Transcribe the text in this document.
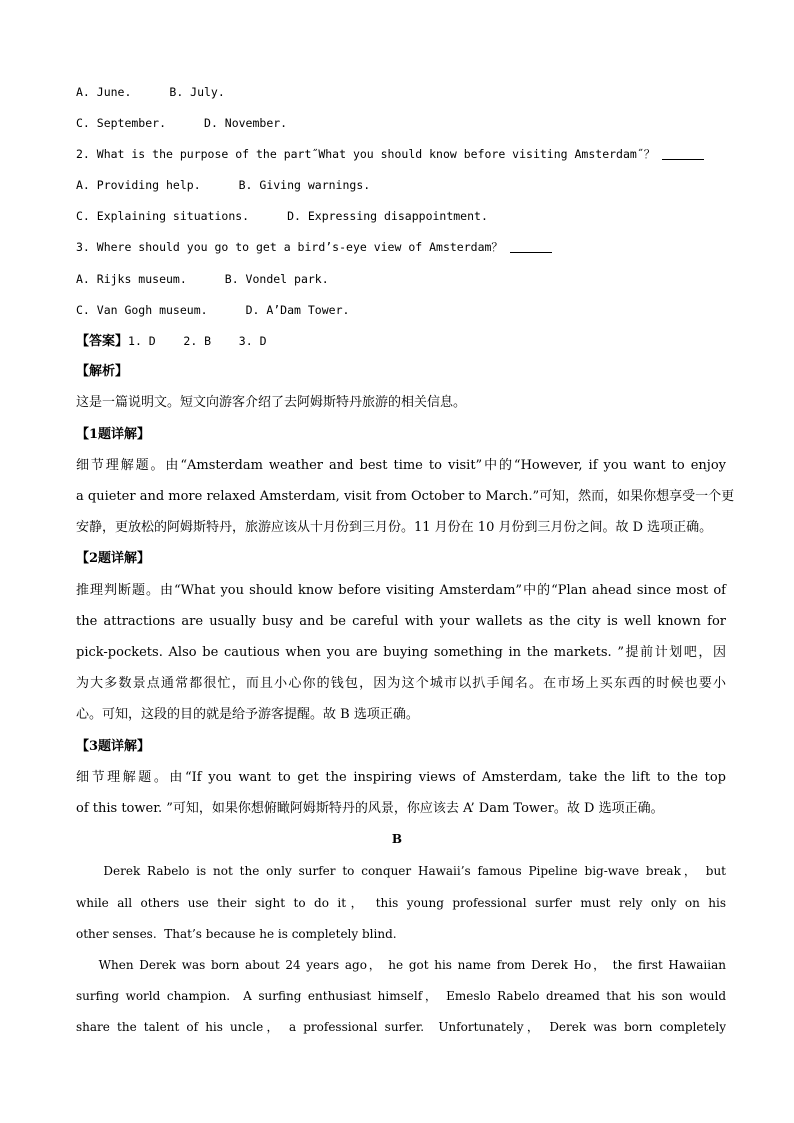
A. June.	B. July.
C. September.	D. November.
2. What is the purpose of the part˝What you should know before visiting Amsterdam˝？
A. Providing help.	B. Giving warnings.
C. Explaining situations.	D. Expressing disappointment.
3. Where should you go to get a bird’s-eye view of Amsterdam？
A. Rijks museum.	B. Vondel park.
C. Van Gogh museum.	D. A’Dam Tower.
【答案】1. D    2. B    3. D
【解析】
这是一篇说明文。短文向游客介绍了去阿姆斯特丹旅游的相关信息。
【1题详解】
细节理解题。由“Amsterdam weather and best time to visit”中的“However, if you want to enjoy
a quieter and more relaxed Amsterdam, visit from October to March.”可知，然而，如果你想享受一个更
安静，更放松的阿姆斯特丹，旅游应该从十月份到三月份。11 月份在 10 月份到三月份之间。故 D 选项正确。
【2题详解】
推理判断题。由“What you should know before visiting Amsterdam”中的“Plan ahead since most of
the attractions are usually busy and be careful with your wallets as the city is well known for
pick-pockets. Also be cautious when you are buying something in the markets. ”提前计划吧，因
为大多数景点通常都很忙，而且小心你的钱包，因为这个城市以扒手闻名。在市场上买东西的时候也要小
心。可知，这段的目的就是给予游客提醒。故 B 选项正确。
【3题详解】
细节理解题。由“If you want to get the inspiring views of Amsterdam, take the lift to the top
of this tower. ”可知，如果你想俯瞰阿姆斯特丹的风景，你应该去 A’ Dam Tower。故 D 选项正确。
B
Derek Rabelo is not the only surfer to conquer Hawaii’s famous Pipeline big-wave break， but
while all others use their sight to do it， this young professional surfer must rely only on his
other senses.  That’s because he is completely blind.
When Derek was born about 24 years ago， he got his name from Derek Ho， the first Hawaiian
surfing world champion.  A surfing enthusiast himself， Emeslo Rabelo dreamed that his son would
share the talent of his uncle， a professional surfer.  Unfortunately， Derek was born completely
